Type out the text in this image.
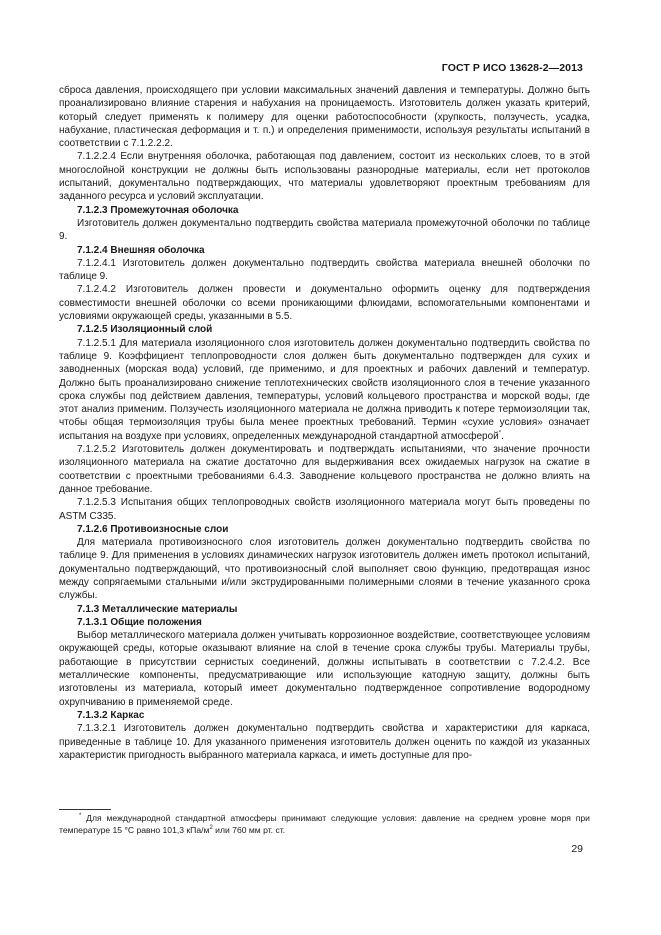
ГОСТ Р ИСО 13628-2—2013

сброса давления, происходящего при условии максимальных значений давления и температуры. Должно быть проанализировано влияние старения и набухания на проницаемость. Изготовитель должен указать критерий, который следует применять к полимеру для оценки работоспособности (хрупкость, ползучесть, усадка, набухание, пластическая деформация и т. п.) и определения применимости, используя результаты испытаний в соответствии с 7.1.2.2.2.

7.1.2.2.4 Если внутренняя оболочка, работающая под давлением, состоит из нескольких слоев, то в этой многослойной конструкции не должны быть использованы разнородные материалы, если нет протоколов испытаний, документально подтверждающих, что материалы удовлетворяют проектным требованиям для заданного ресурса и условий эксплуатации.

7.1.2.3 Промежуточная оболочка

Изготовитель должен документально подтвердить свойства материала промежуточной оболочки по таблице 9.

7.1.2.4 Внешняя оболочка

7.1.2.4.1 Изготовитель должен документально подтвердить свойства материала внешней оболочки по таблице 9.

7.1.2.4.2 Изготовитель должен провести и документально оформить оценку для подтверждения совместимости внешней оболочки со всеми проникающими флюидами, вспомогательными компонентами и условиями окружающей среды, указанными в 5.5.

7.1.2.5 Изоляционный слой

7.1.2.5.1 Для материала изоляционного слоя изготовитель должен документально подтвердить свойства по таблице 9. Коэффициент теплопроводности слоя должен быть документально подтвержден для сухих и заводненных (морская вода) условий, где применимо, и для проектных и рабочих давлений и температур. Должно быть проанализировано снижение теплотехнических свойств изоляционного слоя в течение указанного срока службы под действием давления, температуры, условий кольцевого пространства и морской воды, где этот анализ применим. Ползучесть изоляционного материала не должна приводить к потере термоизоляции так, чтобы общая термоизоляция трубы была менее проектных требований. Термин «сухие условия» означает испытания на воздухе при условиях, определенных международной стандартной атмосферой*.

7.1.2.5.2 Изготовитель должен документировать и подтверждать испытаниями, что значение прочности изоляционного материала на сжатие достаточно для выдерживания всех ожидаемых нагрузок на сжатие в соответствии с проектными требованиями 6.4.3. Заводнение кольцевого пространства не должно влиять на данное требование.

7.1.2.5.3 Испытания общих теплопроводных свойств изоляционного материала могут быть проведены по ASTM C335.

7.1.2.6 Противоизносные слои

Для материала противоизносного слоя изготовитель должен документально подтвердить свойства по таблице 9. Для применения в условиях динамических нагрузок изготовитель должен иметь протокол испытаний, документально подтверждающий, что противоизносный слой выполняет свою функцию, предотвращая износ между сопрягаемыми стальными и/или экструдированными полимерными слоями в течение указанного срока службы.

7.1.3 Металлические материалы

7.1.3.1 Общие положения

Выбор металлического материала должен учитывать коррозионное воздействие, соответствующее условиям окружающей среды, которые оказывают влияние на слой в течение срока службы трубы. Материалы трубы, работающие в присутствии сернистых соединений, должны испытывать в соответствии с 7.2.4.2. Все металлические компоненты, предусматривающие или использующие катодную защиту, должны быть изготовлены из материала, который имеет документально подтвержденное сопротивление водородному охрупчиванию в применяемой среде.

7.1.3.2 Каркас

7.1.3.2.1 Изготовитель должен документально подтвердить свойства и характеристики для каркаса, приведенные в таблице 10. Для указанного применения изготовитель должен оценить по каждой из указанных характеристик пригодность выбранного материала каркаса, и иметь доступные для про-

* Для международной стандартной атмосферы принимают следующие условия: давление на среднем уровне моря при температуре 15 °С равно 101,3 кПа/$м^2$ или 760 мм рт. ст.

29
